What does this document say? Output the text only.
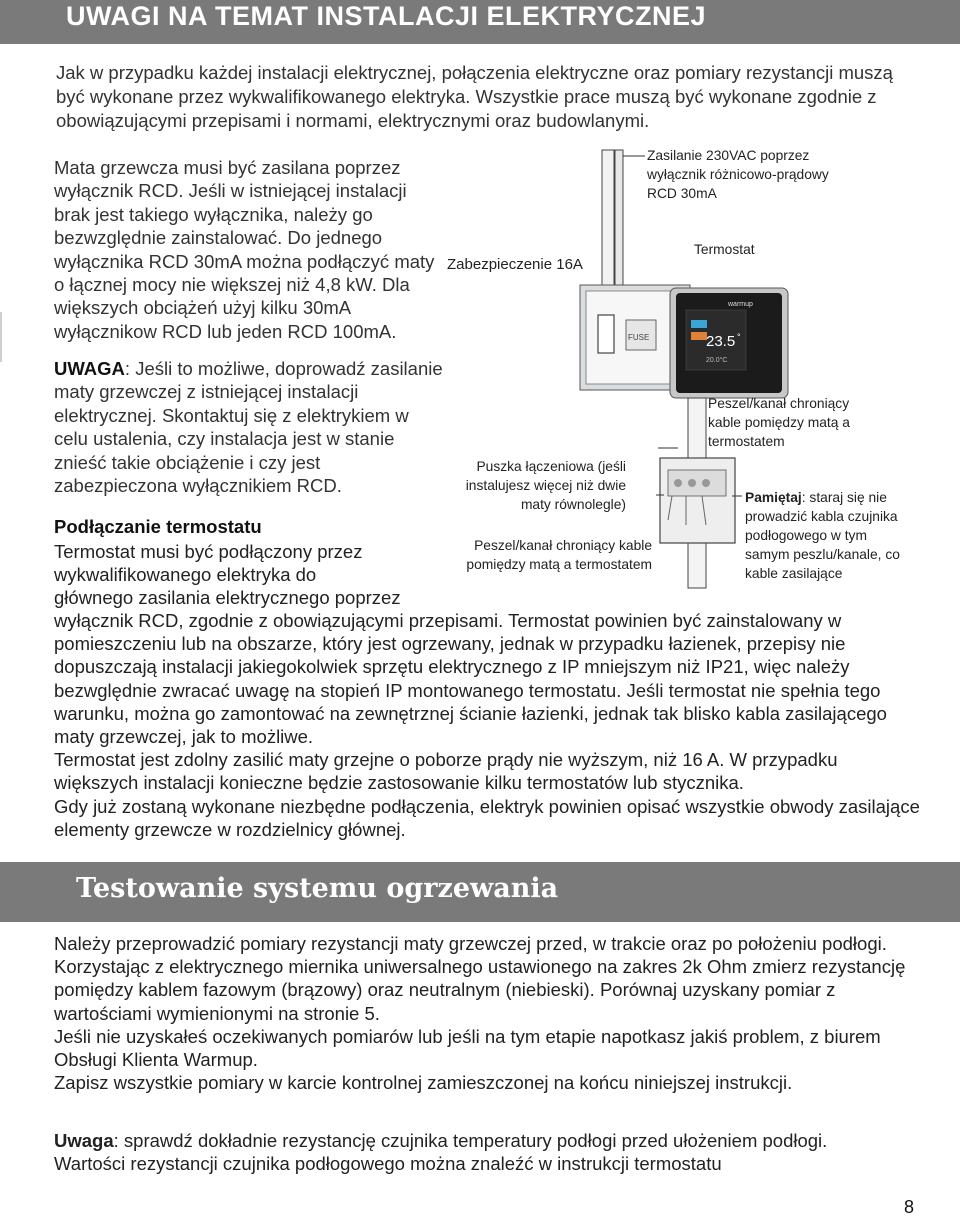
UWAGI NA TEMAT INSTALACJI ELEKTRYCZNEJ

Jak w przypadku każdej instalacji elektrycznej, połączenia elektryczne oraz pomiary rezystancji muszą być wykonane przez wykwalifikowanego elektryka. Wszystkie prace muszą być wykonane zgodnie z obowiązującymi przepisami i normami, elektrycznymi oraz budowlanymi.

Mata grzewcza musi być zasilana poprzez wyłącznik RCD. Jeśli w istniejącej instalacji brak jest takiego wyłącznika, należy go bezwzględnie zainstalować. Do jednego wyłącznika RCD 30mA można podłączyć maty o łącznej mocy nie większej niż 4,8 kW. Dla większych obciążeń użyj kilku 30mA wyłącznikow RCD lub jeden RCD 100mA.

UWAGA: Jeśli to możliwe, doprowadź zasilanie maty grzewczej z istniejącej instalacji elektrycznej. Skontaktuj się z elektrykiem w celu ustalenia, czy instalacja jest w stanie znieść takie obciążenie i czy jest zabezpieczona wyłącznikiem RCD.

Podłączanie termostatu
Termostat musi być podłączony przez
wykwalifikowanego elektryka do
głównego zasilania elektrycznego poprzez

wyłącznik RCD, zgodnie z obowiązującymi przepisami. Termostat powinien być zainstalowany w pomieszczeniu lub na obszarze, który jest ogrzewany, jednak w przypadku łazienek, przepisy nie dopuszczają instalacji jakiegokolwiek sprzętu elektrycznego z IP mniejszym niż IP21, więc należy bezwględnie zwracać uwagę na stopień IP montowanego termostatu. Jeśli termostat nie spełnia tego warunku, można go zamontować na zewnętrznej ścianie łazienki, jednak tak blisko kabla zasilającego maty grzewczej, jak to możliwe.

Termostat jest zdolny zasilić maty grzejne o poborze prądy nie wyższym, niż 16 A. W przypadku większych instalacji konieczne będzie zastosowanie kilku termostatów lub stycznika.

Gdy już zostaną wykonane niezbędne podłączenia, elektryk powinien opisać wszystkie obwody zasilające elementy grzewcze w rozdzielnicy głównej.

FUSE	23.5 °
20.0°C
warmup
Zasilanie 230VAC poprzez
wyłącznik różnicowo-prądowy
RCD 30mA
Zabezpieczenie 16A
Termostat
Peszel/kanał chroniący
kable pomiędzy matą a
termostatem
Puszka łączeniowa (jeśli
instalujesz więcej niż dwie
maty równolegle)
Peszel/kanał chroniący kable
pomiędzy matą a termostatem
Pamiętaj: staraj się nie
prowadzić kabla czujnika
podłogowego w tym
samym peszlu/kanale, co
kable zasilające
Testowanie systemu ogrzewania

Należy przeprowadzić pomiary rezystancji maty grzewczej przed, w trakcie oraz po położeniu podłogi. Korzystając z elektrycznego miernika uniwersalnego ustawionego na zakres 2k Ohm zmierz rezystancję pomiędzy kablem fazowym (brązowy) oraz neutralnym (niebieski). Porównaj uzyskany pomiar z wartościami wymienionymi na stronie 5.

Jeśli nie uzyskałeś oczekiwanych pomiarów lub jeśli na tym etapie napotkasz jakiś problem, z biurem Obsługi Klienta Warmup.

Zapisz wszystkie pomiary w karcie kontrolnej zamieszczonej na końcu niniejszej instrukcji.

Uwaga: sprawdź dokładnie rezystancję czujnika temperatury podłogi przed ułożeniem podłogi.

Wartości rezystancji czujnika podłogowego można znaleźć w instrukcji termostatu

8
